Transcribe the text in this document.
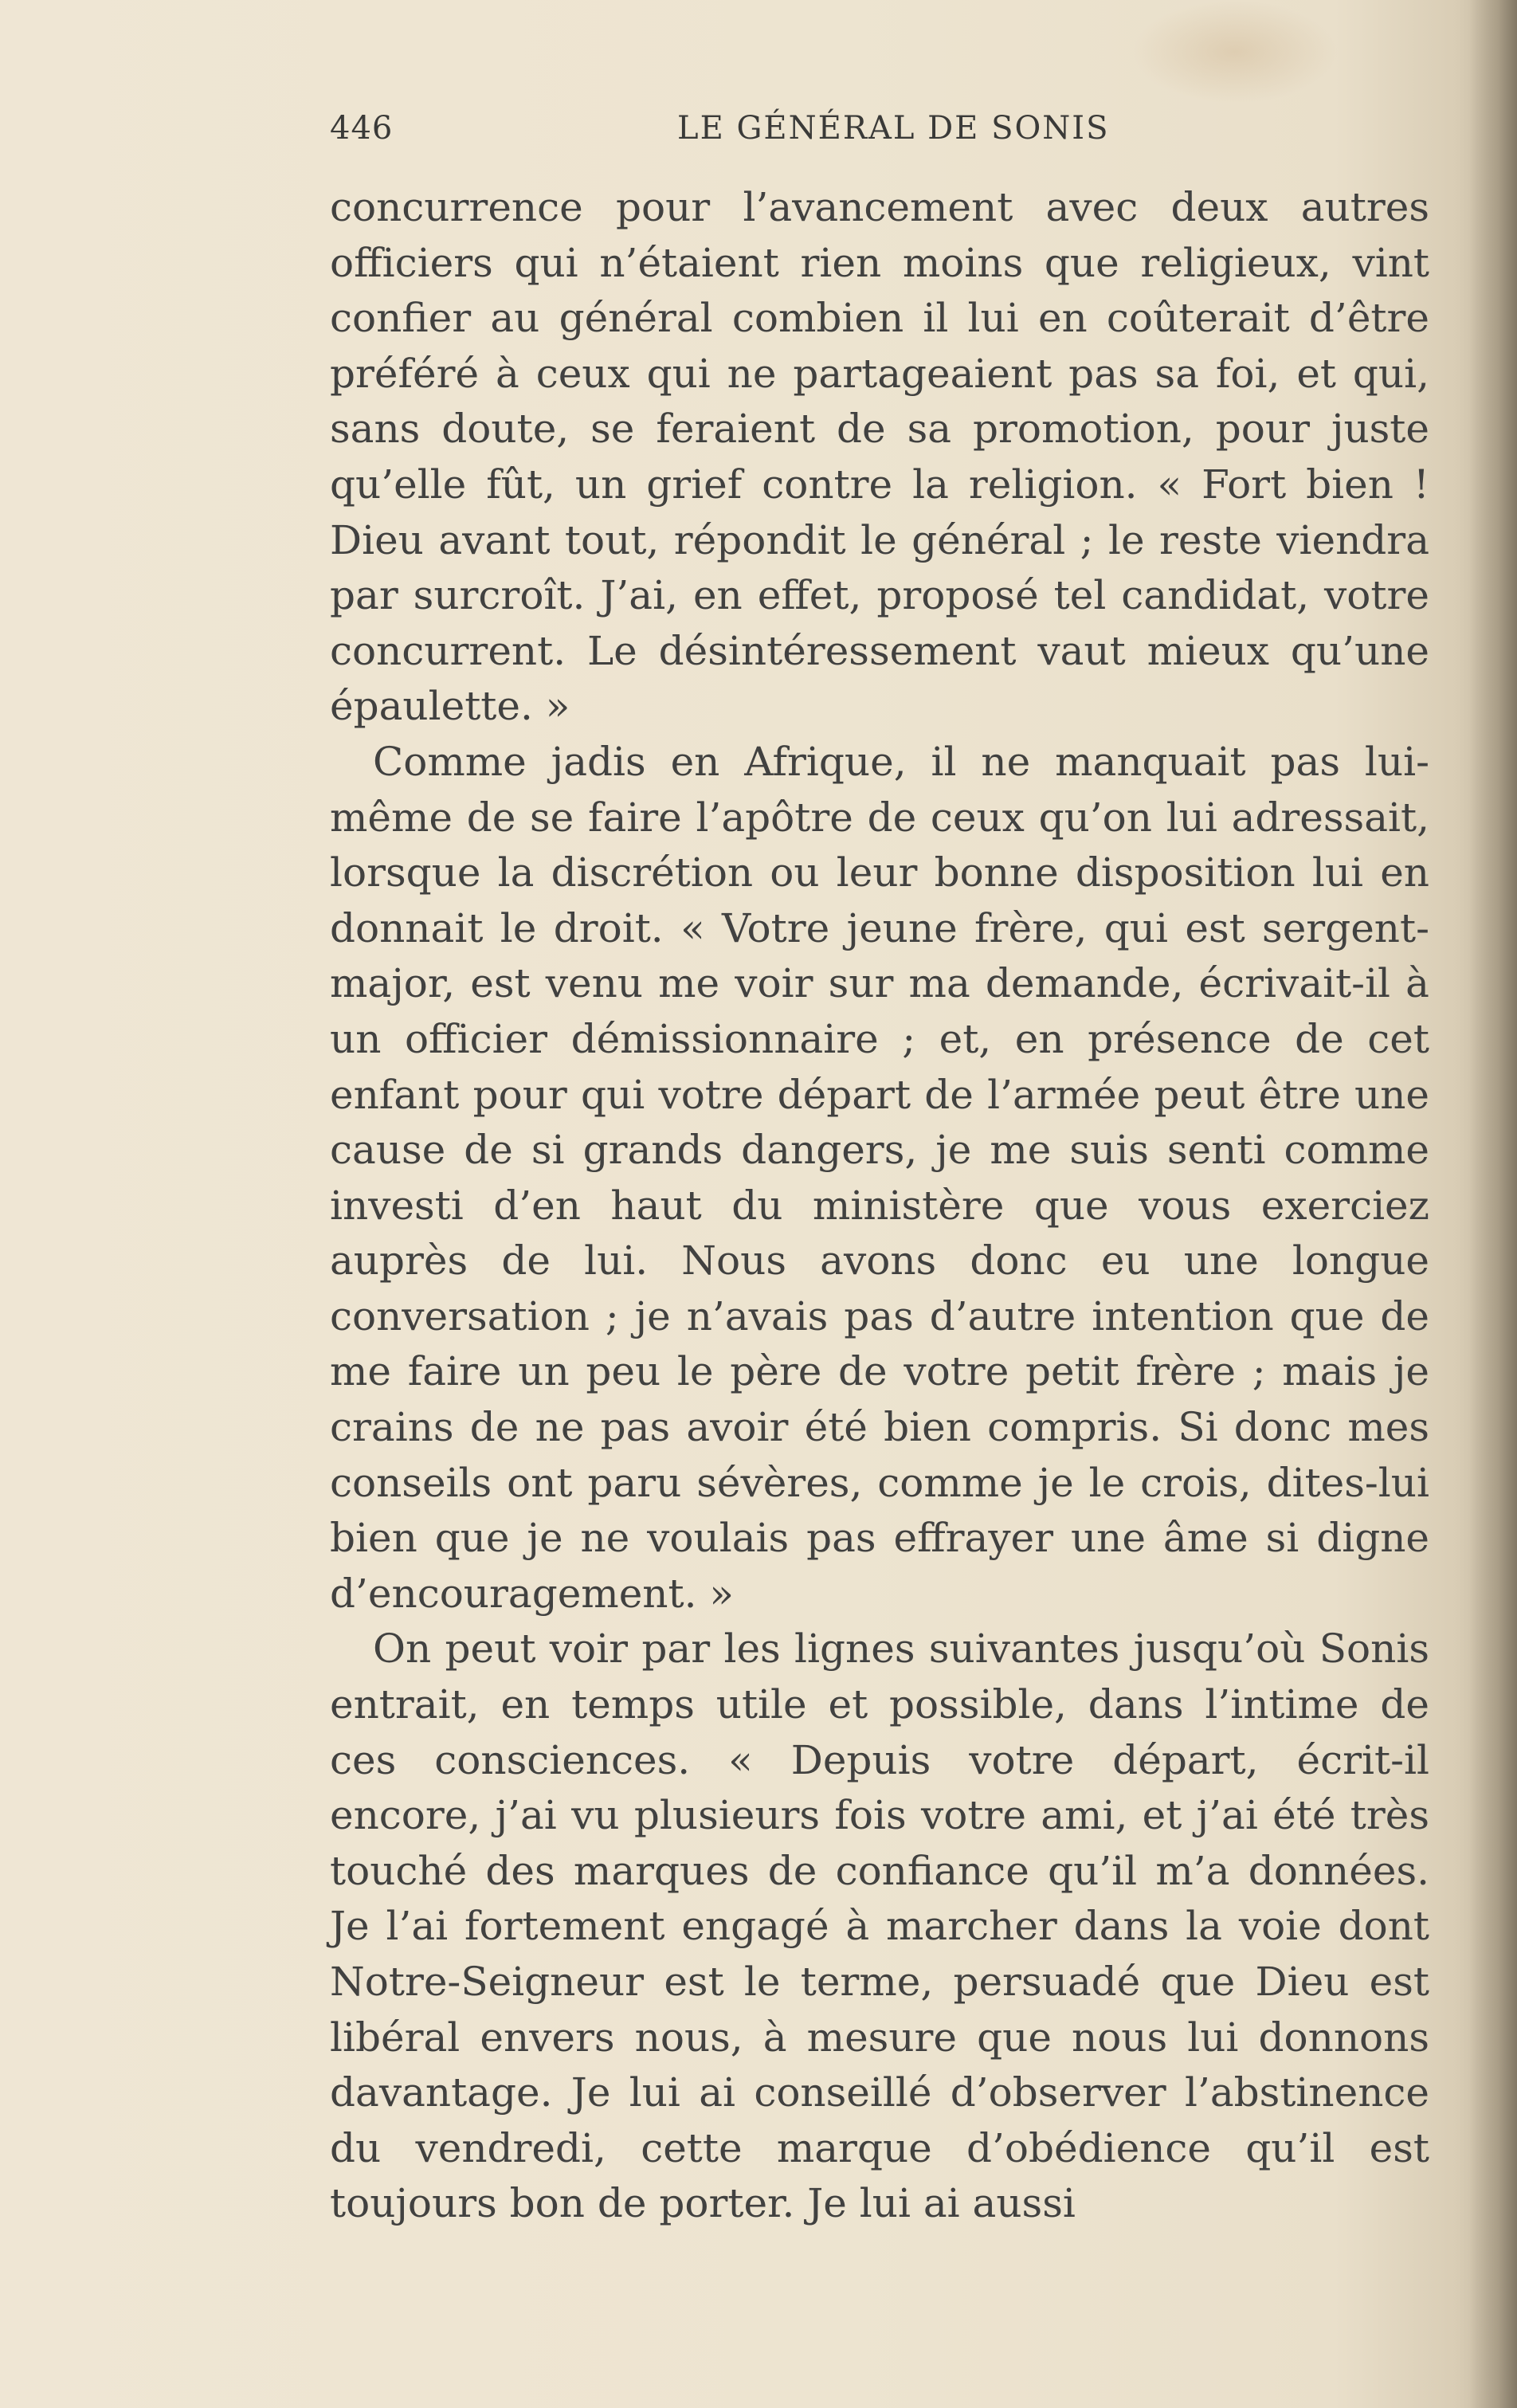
446	LE GÉNÉRAL DE SONIS

concurrence pour l’avancement avec deux autres officiers qui n’étaient rien moins que religieux, vint confier au général combien il lui en coûterait d’être préféré à ceux qui ne partageaient pas sa foi, et qui, sans doute, se feraient de sa promotion, pour juste qu’elle fût, un grief contre la religion. « Fort bien ! Dieu avant tout, répondit le général ; le reste viendra par surcroît. J’ai, en effet, proposé tel candidat, votre concurrent. Le désintéressement vaut mieux qu’une épaulette. »

Comme jadis en Afrique, il ne manquait pas lui-même de se faire l’apôtre de ceux qu’on lui adressait, lorsque la discrétion ou leur bonne disposition lui en donnait le droit. « Votre jeune frère, qui est sergent-major, est venu me voir sur ma demande, écrivait-il à un officier démissionnaire ; et, en présence de cet enfant pour qui votre départ de l’armée peut être une cause de si grands dangers, je me suis senti comme investi d’en haut du ministère que vous exerciez auprès de lui. Nous avons donc eu une longue conversation ; je n’avais pas d’autre intention que de me faire un peu le père de votre petit frère ; mais je crains de ne pas avoir été bien compris. Si donc mes conseils ont paru sévères, comme je le crois, dites-lui bien que je ne voulais pas effrayer une âme si digne d’encouragement. »

On peut voir par les lignes suivantes jusqu’où Sonis entrait, en temps utile et possible, dans l’intime de ces consciences. « Depuis votre départ, écrit-il encore, j’ai vu plusieurs fois votre ami, et j’ai été très touché des marques de confiance qu’il m’a données. Je l’ai fortement engagé à marcher dans la voie dont Notre-Seigneur est le terme, persuadé que Dieu est libéral envers nous, à mesure que nous lui donnons davantage. Je lui ai conseillé d’observer l’abstinence du vendredi, cette marque d’obédience qu’il est toujours bon de porter. Je lui ai aussi
